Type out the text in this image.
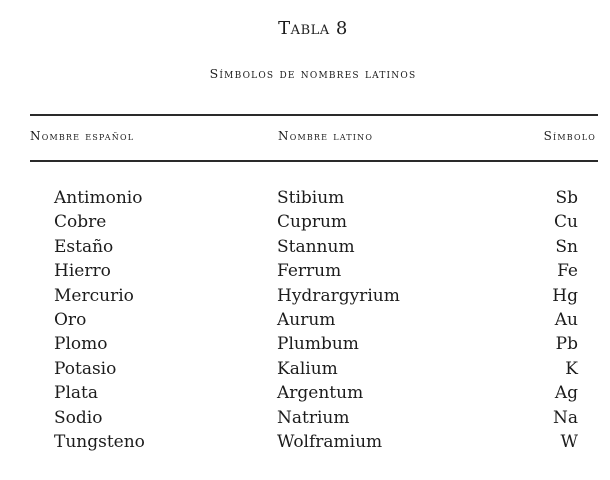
Tabla 8
Símbolos de nombres latinos
Nombre español	Nombre latino	Símbolo
Antimonio	Stibium	Sb
Cobre	Cuprum	Cu
Estaño	Stannum	Sn
Hierro	Ferrum	Fe
Mercurio	Hydrargyrium	Hg
Oro	Aurum	Au
Plomo	Plumbum	Pb
Potasio	Kalium	K
Plata	Argentum	Ag
Sodio	Natrium	Na
Tungsteno	Wolframium	W
